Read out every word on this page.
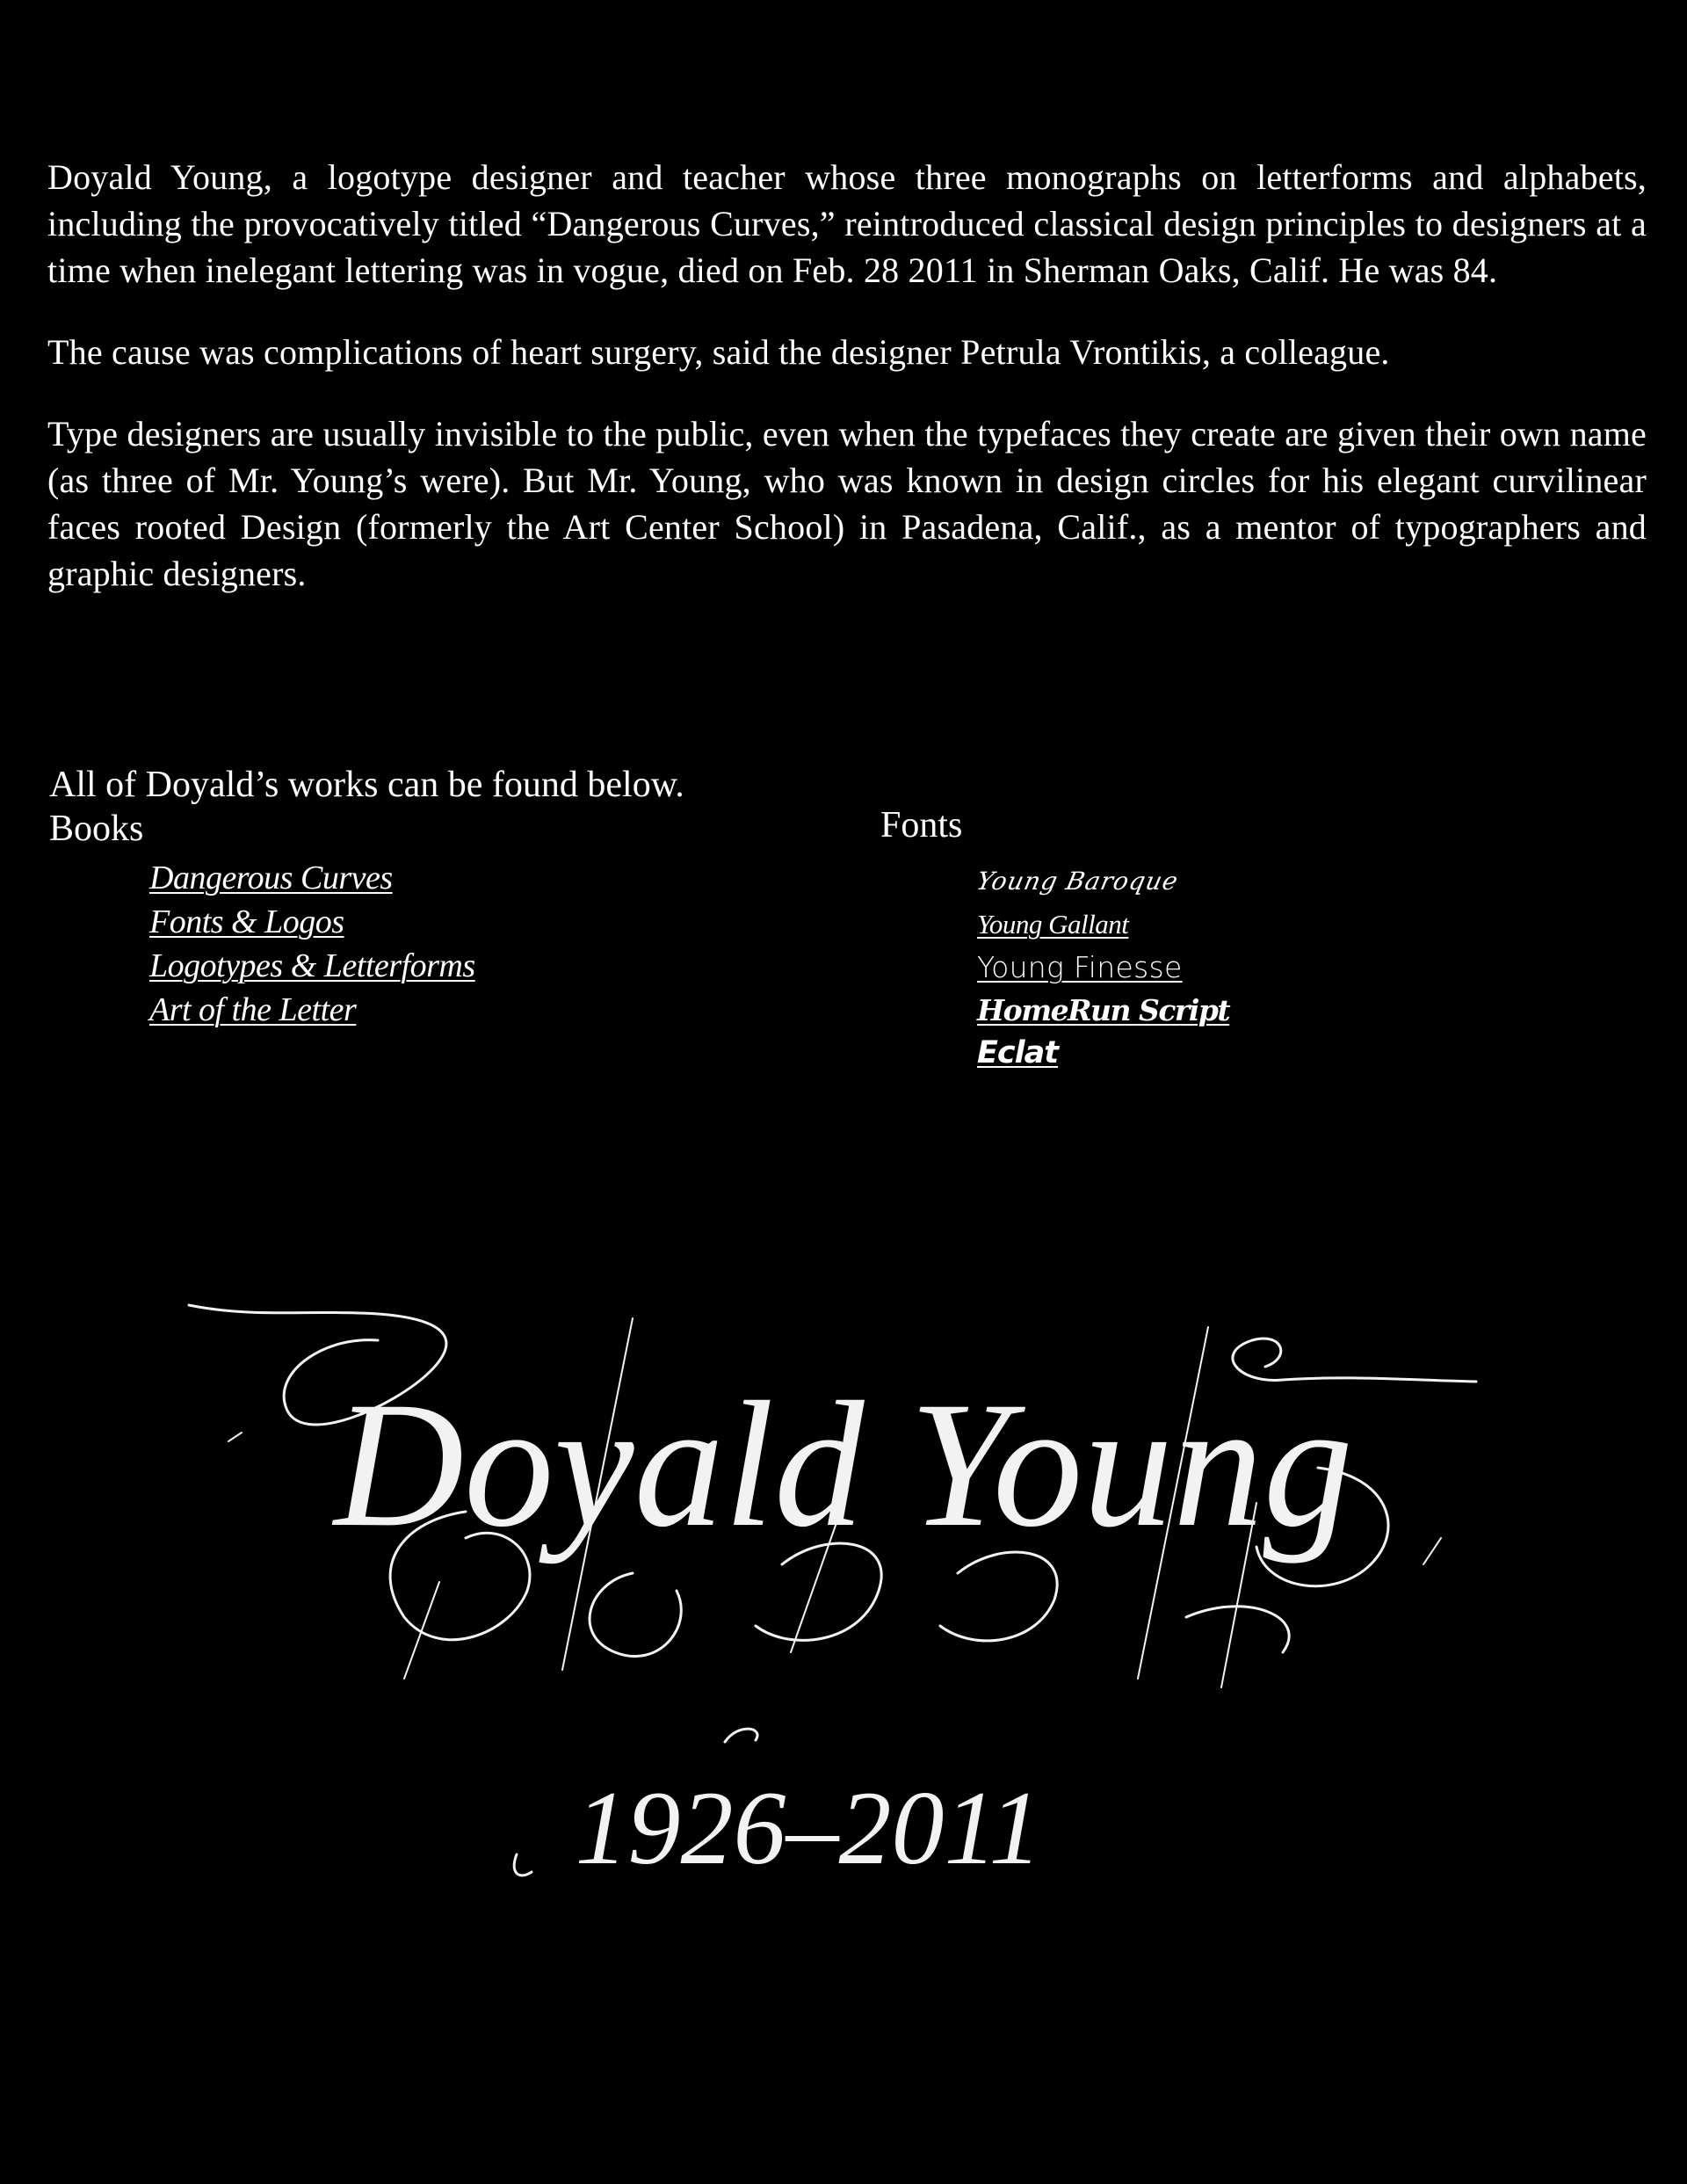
Doyald Young, a logotype designer and teacher whose three monographs on letterforms and alphabets, including the provocatively titled “Dangerous Curves,” reintroduced classical design principles to designers at a time when inelegant lettering was in vogue, died on Feb. 28 2011 in Sherman Oaks, Calif. He was 84.

The cause was complications of heart surgery, said the designer Petrula Vrontikis, a colleague.

Type designers are usually invisible to the public, even when the typefaces they create are given their own name (as three of Mr. Young’s were). But Mr. Young, who was known in design circles for his elegant curvilinear faces rooted Design (formerly the Art Center School) in Pasadena, Calif., as a mentor of typographers and graphic designers.

All of Doyald’s works can be found below.

Books	Fonts

Dangerous Curves
Fonts & Logos
Logotypes & Letterforms
Art of the Letter
Young Baroque
Young Gallant
Young Finesse
HomeRun Script
Eclat
Doyald Young
1926–2011
